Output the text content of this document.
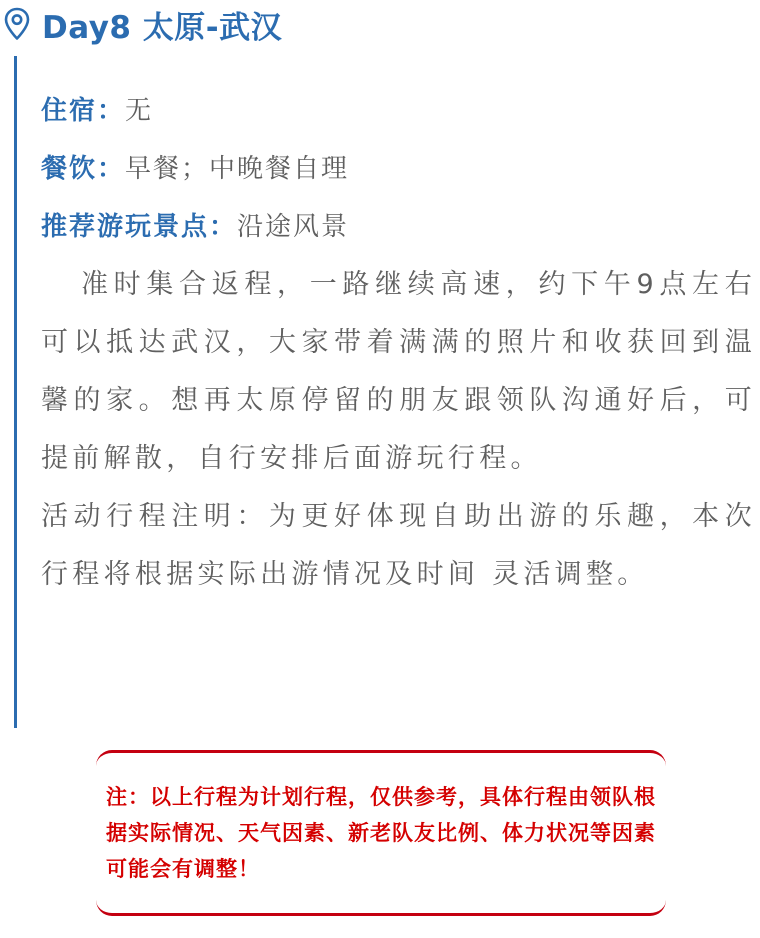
Day8 太原-武汉
住宿：无
餐饮：早餐；中晚餐自理
推荐游玩景点：沿途风景

准时集合返程，一路继续高速，约下午9点左右可以抵达武汉，大家带着满满的照片和收获回到温馨的家。想再太原停留的朋友跟领队沟通好后，可提前解散，自行安排后面游玩行程。

活动行程注明：为更好体现自助出游的乐趣，本次行程将根据实际出游情况及时间 灵活调整。

注：以上行程为计划行程，仅供参考，具体行程由领队根据实际情况、天气因素、新老队友比例、体力状况等因素可能会有调整！
